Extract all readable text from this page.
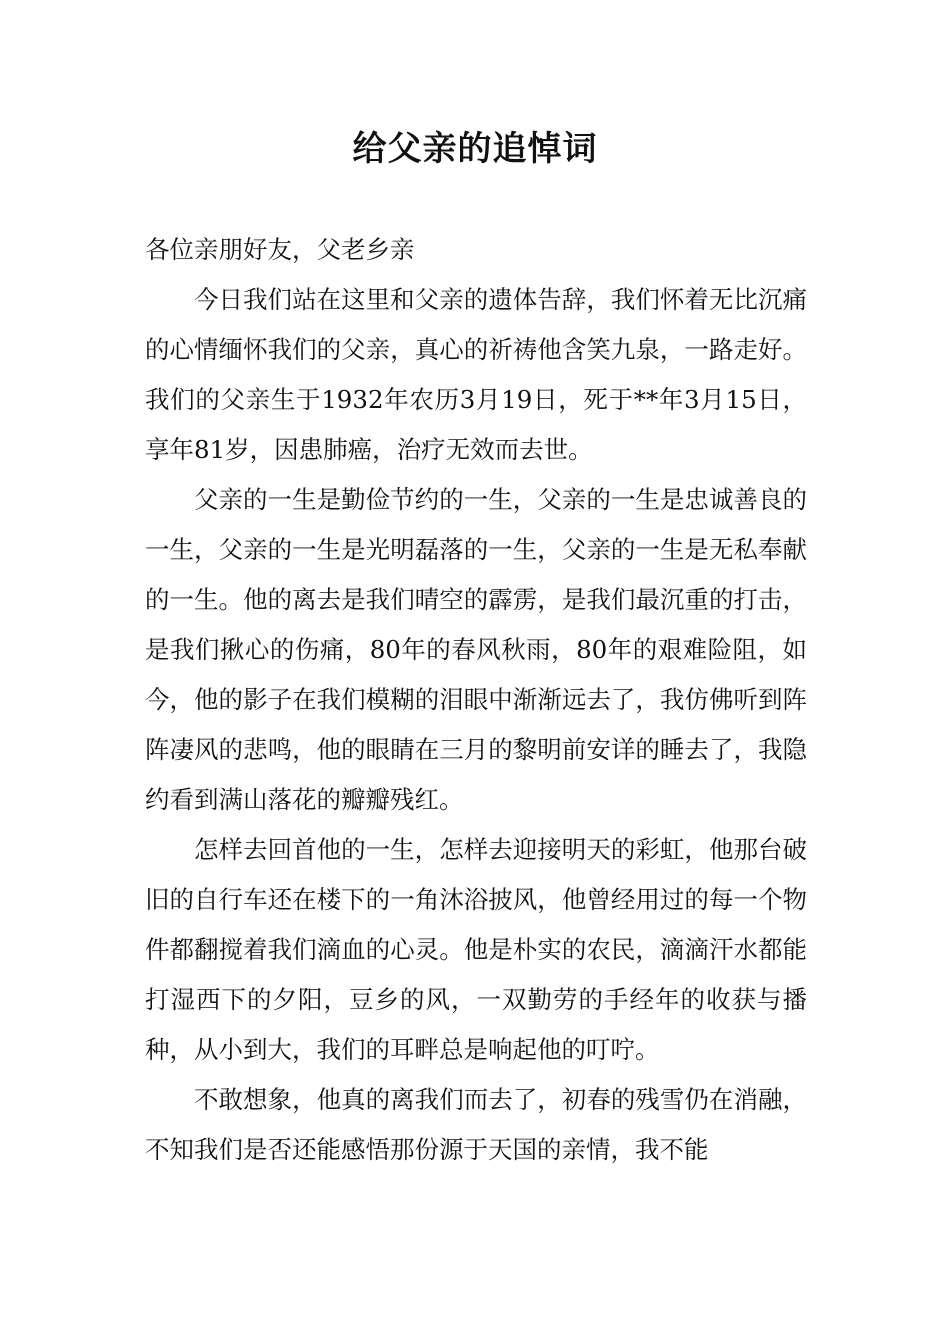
给父亲的追悼词

各位亲朋好友，父老乡亲

今日我们站在这里和父亲的遗体告辞，我们怀着无比沉痛的心情缅怀我们的父亲，真心的祈祷他含笑九泉，一路走好。我们的父亲生于1932年农历3月19日，死于**年3月15日，享年81岁，因患肺癌，治疗无效而去世。

父亲的一生是勤俭节约的一生，父亲的一生是忠诚善良的一生，父亲的一生是光明磊落的一生，父亲的一生是无私奉献的一生。他的离去是我们晴空的霹雳，是我们最沉重的打击，是我们揪心的伤痛，80年的春风秋雨，80年的艰难险阻，如今，他的影子在我们模糊的泪眼中渐渐远去了，我仿佛听到阵阵凄风的悲鸣，他的眼睛在三月的黎明前安详的睡去了，我隐约看到满山落花的瓣瓣残红。

怎样去回首他的一生，怎样去迎接明天的彩虹，他那台破旧的自行车还在楼下的一角沐浴披风，他曾经用过的每一个物件都翻搅着我们滴血的心灵。他是朴实的农民，滴滴汗水都能打湿西下的夕阳，豆乡的风，一双勤劳的手经年的收获与播种，从小到大，我们的耳畔总是响起他的叮咛。

不敢想象，他真的离我们而去了，初春的残雪仍在消融，不知我们是否还能感悟那份源于天国的亲情，我不能
